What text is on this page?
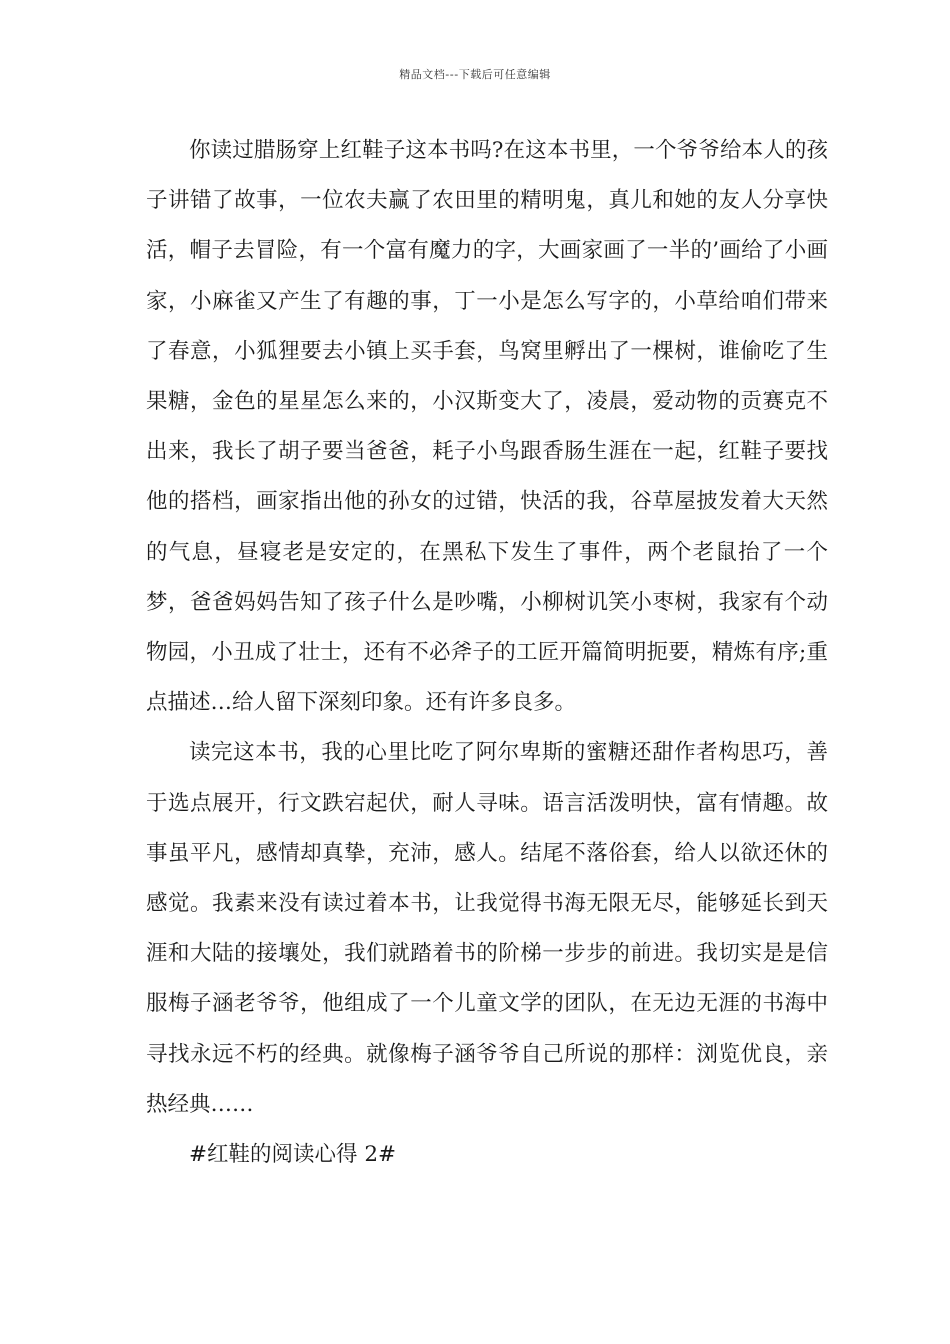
精品文档---下载后可任意编辑

你读过腊肠穿上红鞋子这本书吗?在这本书里，一个爷爷给本人的孩子讲错了故事，一位农夫赢了农田里的精明鬼，真儿和她的友人分享快活，帽子去冒险，有一个富有魔力的字，大画家画了一半的’画给了小画家，小麻雀又产生了有趣的事，丁一小是怎么写字的，小草给咱们带来了春意，小狐狸要去小镇上买手套，鸟窝里孵出了一棵树，谁偷吃了生果糖，金色的星星怎么来的，小汉斯变大了，凌晨，爱动物的贡赛克不出来，我长了胡子要当爸爸，耗子小鸟跟香肠生涯在一起，红鞋子要找他的搭档，画家指出他的孙女的过错，快活的我，谷草屋披发着大天然的气息，昼寝老是安定的，在黑私下发生了事件，两个老鼠抬了一个梦，爸爸妈妈告知了孩子什么是吵嘴，小柳树讥笑小枣树，我家有个动物园，小丑成了壮士，还有不必斧子的工匠开篇简明扼要，精炼有序;重点描述…给人留下深刻印象。还有许多良多。

读完这本书，我的心里比吃了阿尔卑斯的蜜糖还甜作者构思巧，善于选点展开，行文跌宕起伏，耐人寻味。语言活泼明快，富有情趣。故事虽平凡，感情却真挚，充沛，感人。结尾不落俗套，给人以欲还休的感觉。我素来没有读过着本书，让我觉得书海无限无尽，能够延长到天涯和大陆的接壤处，我们就踏着书的阶梯一步步的前进。我切实是是信服梅子涵老爷爷，他组成了一个儿童文学的团队，在无边无涯的书海中寻找永远不朽的经典。就像梅子涵爷爷自己所说的那样：浏览优良，亲热经典……

#红鞋的阅读心得 2#
